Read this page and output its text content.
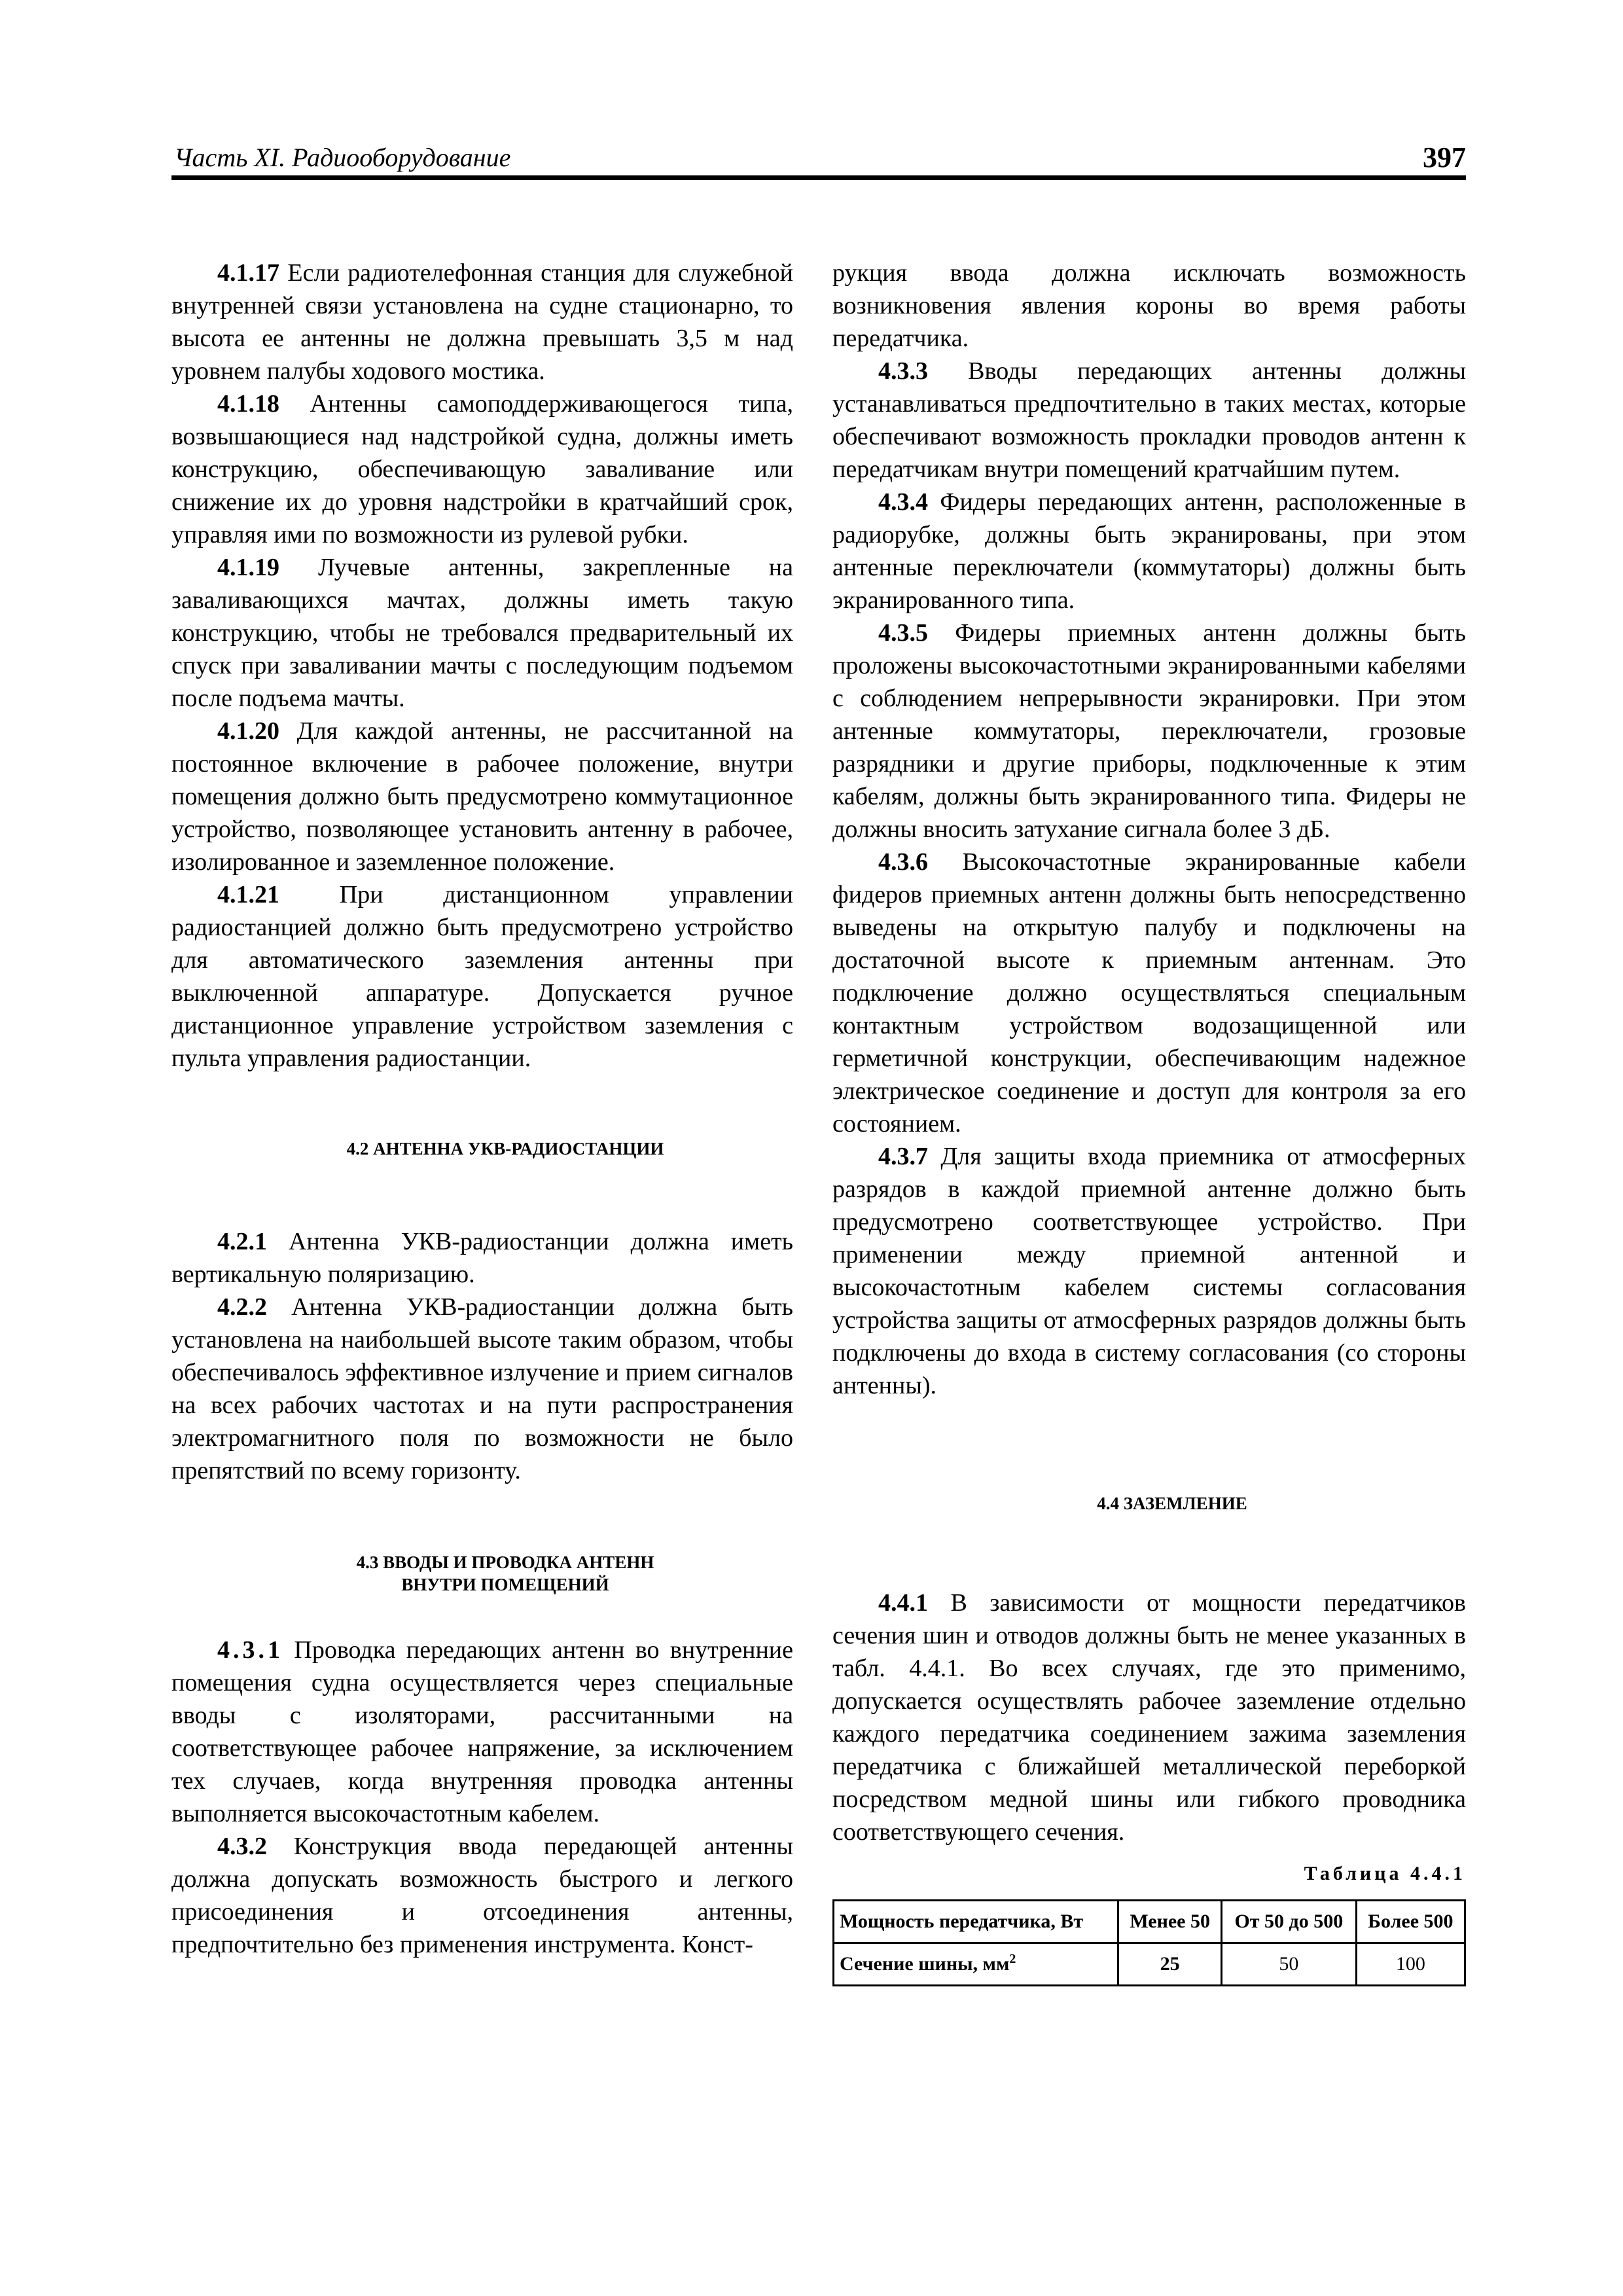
Часть XI. Радиооборудование	397

4.1.17 Если радиотелефонная станция для служебной внутренней связи установлена на судне стационарно, то высота ее антенны не должна превышать 3,5 м над уровнем палубы ходового мостика.

4.1.18 Антенны самоподдерживающегося типа, возвышающиеся над надстройкой судна, должны иметь конструкцию, обеспечивающую заваливание или снижение их до уровня надстройки в кратчайший срок, управляя ими по возможности из рулевой рубки.

4.1.19 Лучевые антенны, закрепленные на заваливающихся мачтах, должны иметь такую конструкцию, чтобы не требовался предварительный их спуск при заваливании мачты с последующим подъемом после подъема мачты.

4.1.20 Для каждой антенны, не рассчитанной на постоянное включение в рабочее положение, внутри помещения должно быть предусмотрено коммутационное устройство, позволяющее установить антенну в рабочее, изолированное и заземленное положение.

4.1.21 При дистанционном управлении радиостанцией должно быть предусмотрено устройство для автоматического заземления антенны при выключенной аппаратуре. Допускается ручное дистанционное управление устройством заземления с пульта управления радиостанции.

4.2 АНТЕННА УКВ-РАДИОСТАНЦИИ

4.2.1 Антенна УКВ-радиостанции должна иметь вертикальную поляризацию.

4.2.2 Антенна УКВ-радиостанции должна быть установлена на наибольшей высоте таким образом, чтобы обеспечивалось эффективное излучение и прием сигналов на всех рабочих частотах и на пути распространения электромагнитного поля по возможности не было препятствий по всему горизонту.

4.3 ВВОДЫ И ПРОВОДКА АНТЕНН

ВНУТРИ ПОМЕЩЕНИЙ

4.3.1 Проводка передающих антенн во внутренние помещения судна осуществляется через специальные вводы с изоляторами, рассчитанными на соответствующее рабочее напряжение, за исключением тех случаев, когда внутренняя проводка антенны выполняется высокочастотным кабелем.

4.3.2 Конструкция ввода передающей антенны должна допускать возможность быстрого и легкого присоединения и отсоединения антенны, предпочтительно без применения инструмента. Конст-

рукция ввода должна исключать возможность возникновения явления короны во время работы передатчика.

4.3.3 Вводы передающих антенны должны устанавливаться предпочтительно в таких местах, которые обеспечивают возможность прокладки проводов антенн к передатчикам внутри помещений кратчайшим путем.

4.3.4 Фидеры передающих антенн, расположенные в радиорубке, должны быть экранированы, при этом антенные переключатели (коммутаторы) должны быть экранированного типа.

4.3.5 Фидеры приемных антенн должны быть проложены высокочастотными экранированными кабелями с соблюдением непрерывности экранировки. При этом антенные коммутаторы, переключатели, грозовые разрядники и другие приборы, подключенные к этим кабелям, должны быть экранированного типа. Фидеры не должны вносить затухание сигнала более 3 дБ.

4.3.6 Высокочастотные экранированные кабели фидеров приемных антенн должны быть непосредственно выведены на открытую палубу и подключены на достаточной высоте к приемным антеннам. Это подключение должно осуществляться специальным контактным устройством водозащищенной или герметичной конструкции, обеспечивающим надежное электрическое соединение и доступ для контроля за его состоянием.

4.3.7 Для защиты входа приемника от атмосферных разрядов в каждой приемной антенне должно быть предусмотрено соответствующее устройство. При применении между приемной антенной и высокочастотным кабелем системы согласования устройства защиты от атмосферных разрядов должны быть подключены до входа в систему согласования (со стороны антенны).

4.4 ЗАЗЕМЛЕНИЕ

4.4.1 В зависимости от мощности передатчиков сечения шин и отводов должны быть не менее указанных в табл. 4.4.1. Во всех случаях, где это применимо, допускается осуществлять рабочее заземление отдельно каждого передатчика соединением зажима заземления передатчика с ближайшей металлической переборкой посредством медной шины или гибкого проводника соответствующего сечения.

Таблица 4.4.1
Мощность передатчика, Вт	Менее 50	От 50 до 500	Более 500
Сечение шины, $мм^2$	25	50	100
